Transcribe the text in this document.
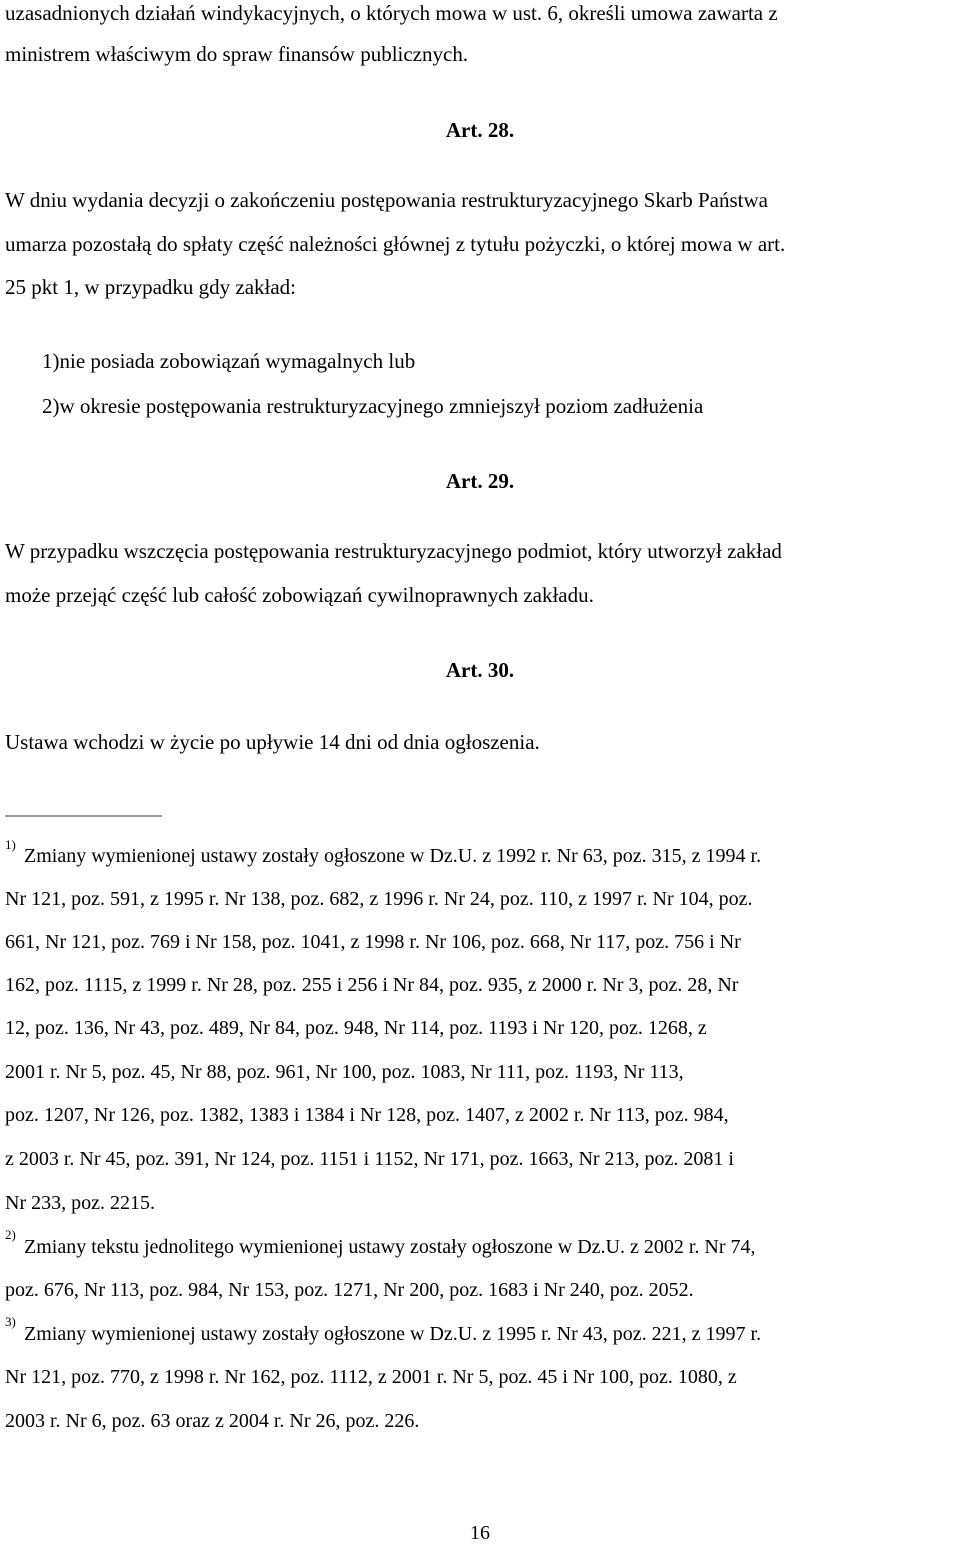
uzasadnionych działań windykacyjnych, o których mowa w ust. 6, określi umowa zawarta z

ministrem właściwym do spraw finansów publicznych.

Art. 28.

W dniu wydania decyzji o zakończeniu postępowania restrukturyzacyjnego Skarb Państwa

umarza pozostałą do spłaty część należności głównej z tytułu pożyczki, o której mowa w art.

25 pkt 1, w przypadku gdy zakład:

1)nie posiada zobowiązań wymagalnych lub

2)w okresie postępowania restrukturyzacyjnego zmniejszył poziom zadłużenia

Art. 29.

W przypadku wszczęcia postępowania restrukturyzacyjnego podmiot, który utworzył zakład

może przejąć część lub całość zobowiązań cywilnoprawnych zakładu.

Art. 30.

Ustawa wchodzi w życie po upływie 14 dni od dnia ogłoszenia.

1)

Zmiany wymienionej ustawy zostały ogłoszone w Dz.U. z 1992 r. Nr 63, poz. 315, z 1994 r.

Nr 121, poz. 591, z 1995 r. Nr 138, poz. 682, z 1996 r. Nr 24, poz. 110, z 1997 r. Nr 104, poz.

661, Nr 121, poz. 769 i Nr 158, poz. 1041, z 1998 r. Nr 106, poz. 668, Nr 117, poz. 756 i Nr

162, poz. 1115, z 1999 r. Nr 28, poz. 255 i 256 i Nr 84, poz. 935, z 2000 r. Nr 3, poz. 28, Nr

12, poz. 136, Nr 43, poz. 489, Nr 84, poz. 948, Nr 114, poz. 1193 i Nr 120, poz. 1268, z

2001 r. Nr 5, poz. 45, Nr 88, poz. 961, Nr 100, poz. 1083, Nr 111, poz. 1193, Nr 113,

poz. 1207, Nr 126, poz. 1382, 1383 i 1384 i Nr 128, poz. 1407, z 2002 r. Nr 113, poz. 984,

z 2003 r. Nr 45, poz. 391, Nr 124, poz. 1151 i 1152, Nr 171, poz. 1663, Nr 213, poz. 2081 i

Nr 233, poz. 2215.

2)

Zmiany tekstu jednolitego wymienionej ustawy zostały ogłoszone w Dz.U. z 2002 r. Nr 74,

poz. 676, Nr 113, poz. 984, Nr 153, poz. 1271, Nr 200, poz. 1683 i Nr 240, poz. 2052.

3)

Zmiany wymienionej ustawy zostały ogłoszone w Dz.U. z 1995 r. Nr 43, poz. 221, z 1997 r.

Nr 121, poz. 770, z 1998 r. Nr 162, poz. 1112, z 2001 r. Nr 5, poz. 45 i Nr 100, poz. 1080, z

2003 r. Nr 6, poz. 63 oraz z 2004 r. Nr 26, poz. 226.

16
